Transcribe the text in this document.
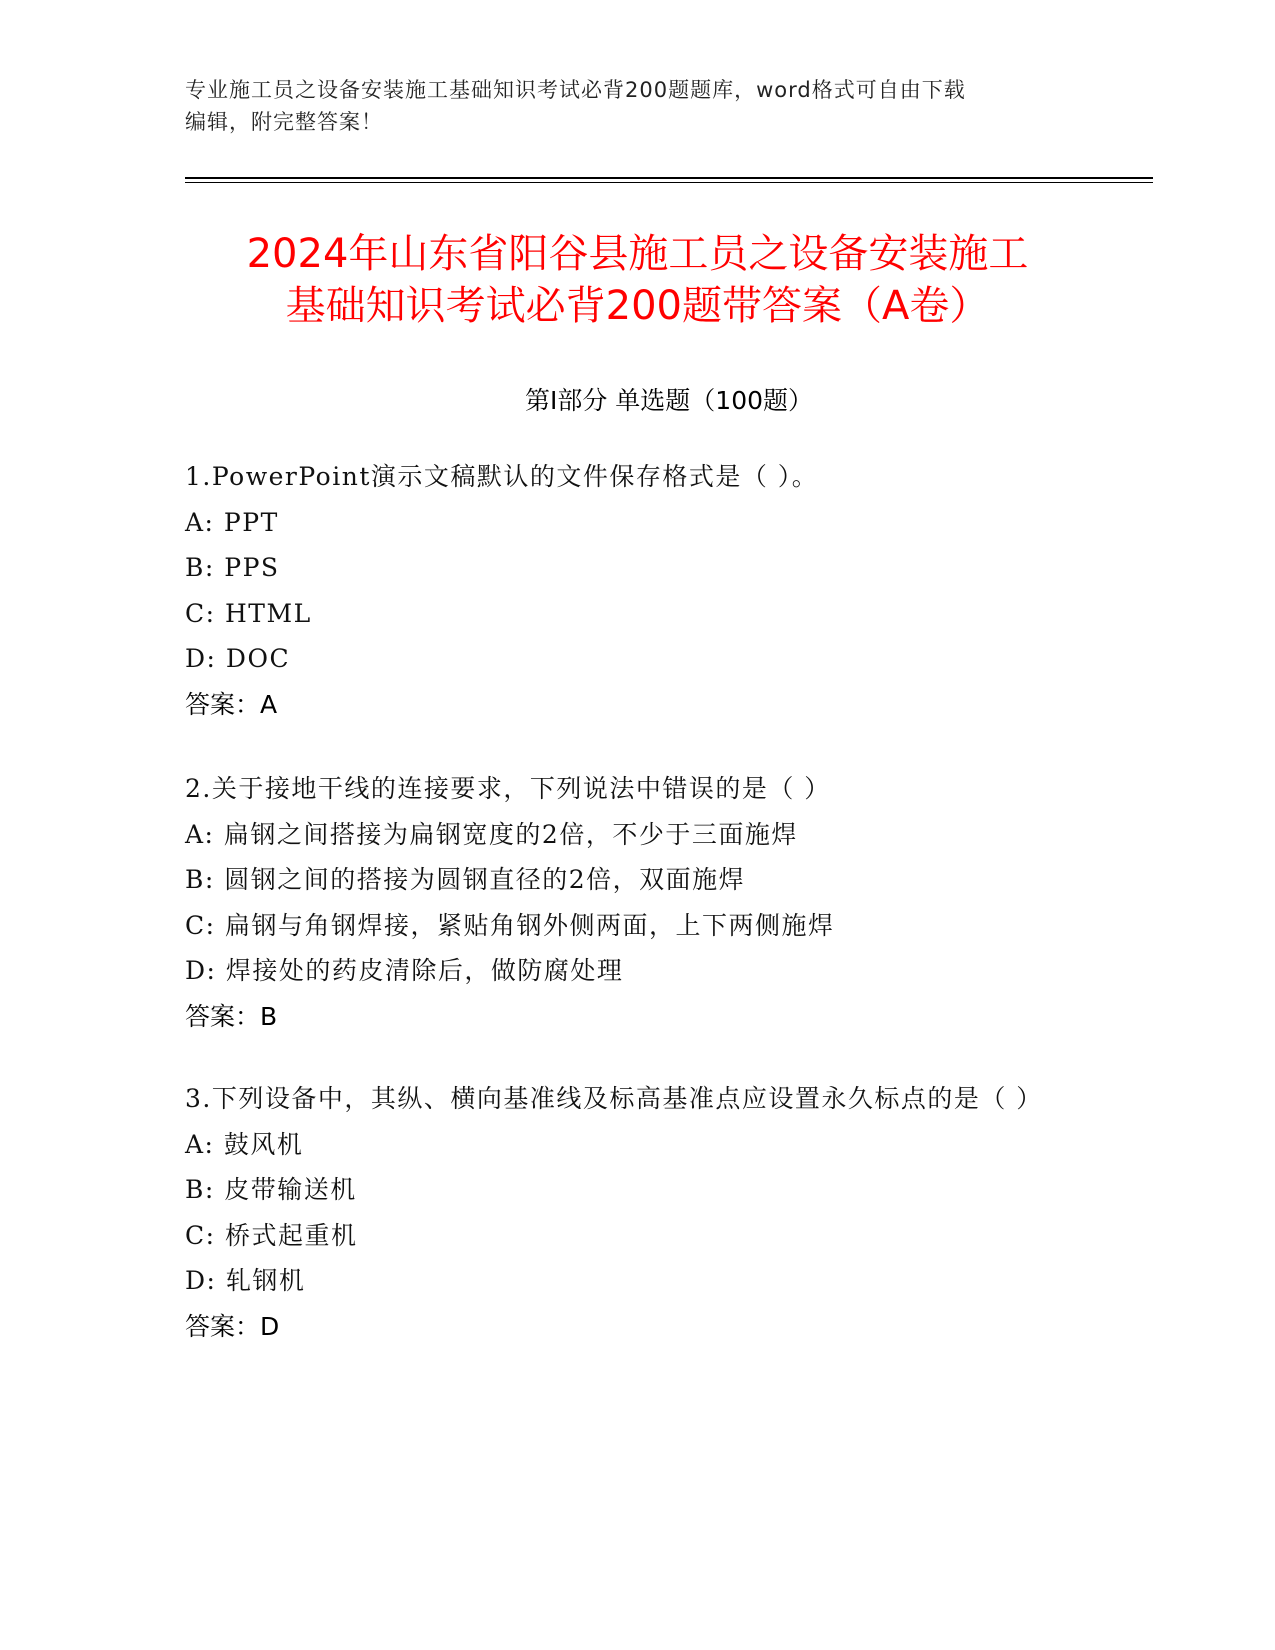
专业施工员之设备安装施工基础知识考试必背200题题库，word格式可自由下载
编辑，附完整答案！
2024年山东省阳谷县施工员之设备安装施工
基础知识考试必背200题带答案（A卷）
第Ⅰ部分 单选题（100题）
1.PowerPoint演示文稿默认的文件保存格式是（ ）。
A: PPT
B: PPS
C: HTML
D: DOC
答案：A
2.关于接地干线的连接要求，下列说法中错误的是（ ）
A: 扁钢之间搭接为扁钢宽度的2倍，不少于三面施焊
B: 圆钢之间的搭接为圆钢直径的2倍，双面施焊
C: 扁钢与角钢焊接，紧贴角钢外侧两面，上下两侧施焊
D: 焊接处的药皮清除后，做防腐处理
答案：B
3.下列设备中，其纵、横向基准线及标高基准点应设置永久标点的是（ ）
A: 鼓风机
B: 皮带输送机
C: 桥式起重机
D: 轧钢机
答案：D
